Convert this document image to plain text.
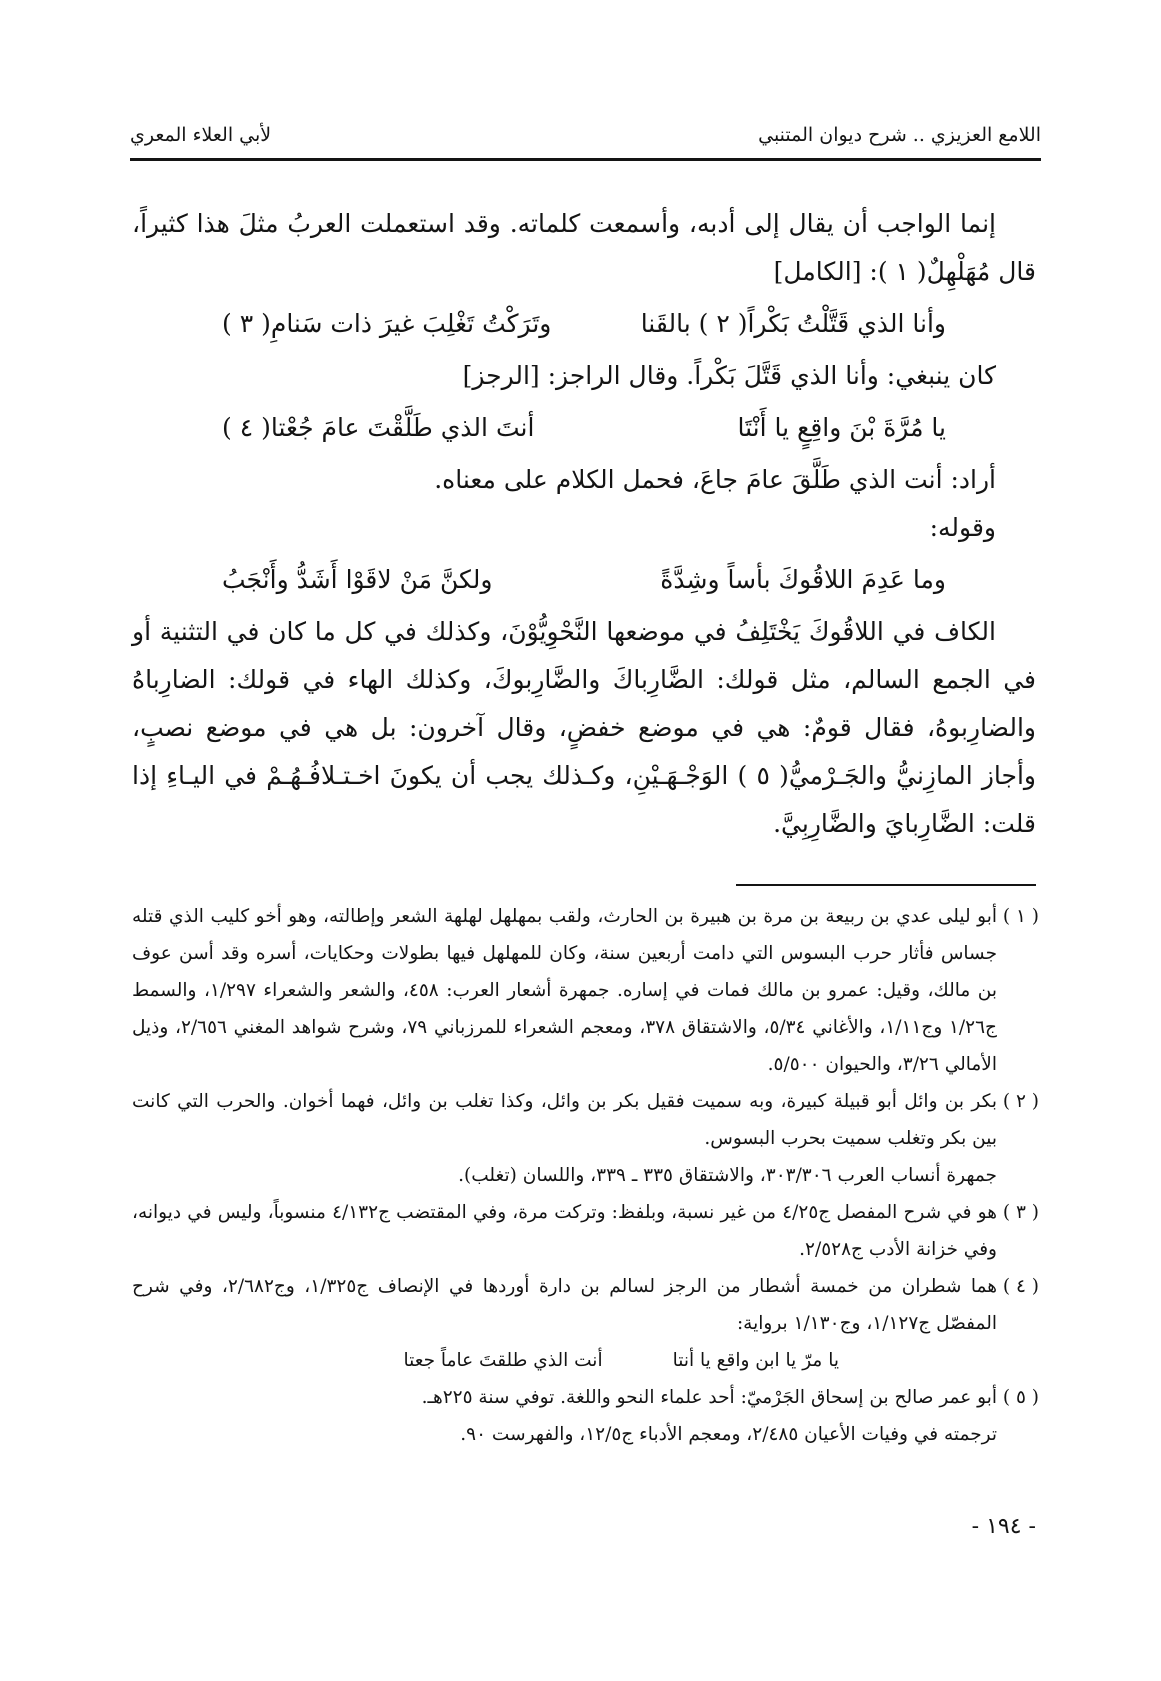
اللامع العزيزي .. شرح ديوان المتنبي
لأبي العلاء المعري

إنما الواجب أن يقال إلى أدبه، وأسمعت كلماته. وقد استعملت العربُ مثلَ هذا كثيراً، قال مُهَلْهِلٌ( ١ ): [الكامل]

وأنا الذي قَتَّلْتُ بَكْراً( ٢ ) بالقَنا
وتَرَكْتُ تَغْلِبَ غيرَ ذات سَنامِ( ٣ )

كان ينبغي: وأنا الذي قَتَّلَ بَكْراً. وقال الراجز: [الرجز]

يا مُرَّةَ بْنَ واقِعٍ يا أَنْتَا
أنتَ الذي طَلَّقْتَ عامَ جُعْتا( ٤ )

أراد: أنت الذي طَلَّقَ عامَ جاعَ، فحمل الكلام على معناه.

وقوله:

وما عَدِمَ اللاقُوكَ بأساً وشِدَّةً
ولكنَّ مَنْ لاقَوْا أَشَدُّ وأَنْجَبُ

الكاف في اللاقُوكَ يَخْتَلِفُ في موضعها النَّحْوِيُّوْنَ، وكذلك في كل ما كان في التثنية أو في الجمع السالم، مثل قولك: الضَّارِباكَ والضَّارِبوكَ، وكذلك الهاء في قولك: الضارِباهُ والضارِبوهُ، فقال قومٌ: هي في موضع خفضٍ، وقال آخرون: بل هي في موضع نصبٍ، وأجاز المازِنيُّ والجَـرْميُّ( ٥ ) الوَجْـهَـيْنِ، وكـذلك يجب أن يكونَ اخـتـلافُـهُـمْ في اليـاءِ إذا قلت: الضَّارِبايَ والضَّارِبِيَّ.

( ١ )أبو ليلى عدي بن ربيعة بن مرة بن هبيرة بن الحارث، ولقب بمهلهل لهلهة الشعر وإطالته، وهو أخو كليب الذي قتله جساس فأثار حرب البسوس التي دامت أربعين سنة، وكان للمهلهل فيها بطولات وحكايات، أسره وقد أسن عوف بن مالك، وقيل: عمرو بن مالك فمات في إساره. جمهرة أشعار العرب: ٤٥٨، والشعر والشعراء ١/٢٩٧، والسمط ج١/٢٦ وج١/١١، والأغاني ٥/٣٤، والاشتقاق ٣٧٨، ومعجم الشعراء للمرزباني ٧٩، وشرح شواهد المغني ٢/٦٥٦، وذيل الأمالي ٣/٢٦، والحيوان ٥/٥٠٠.

( ٢ )بكر بن وائل أبو قبيلة كبيرة، وبه سميت فقيل بكر بن وائل، وكذا تغلب بن وائل، فهما أخوان. والحرب التي كانت بين بكر وتغلب سميت بحرب البسوس.

جمهرة أنساب العرب ٣٠٣/٣٠٦، والاشتقاق ٣٣٥ ـ ٣٣٩، واللسان (تغلب).

( ٣ )هو في شرح المفصل ج٤/٢٥ من غير نسبة، وبلفظ: وتركت مرة، وفي المقتضب ج٤/١٣٢ منسوباً، وليس في ديوانه، وفي خزانة الأدب ج٢/٥٢٨.

( ٤ )هما شطران من خمسة أشطار من الرجز لسالم بن دارة أوردها في الإنصاف ج١/٣٢٥، وج٢/٦٨٢، وفي شرح المفصّل ج١/١٢٧، وج١/١٣٠ برواية:

يا مرّ يا ابن واقع يا أنتا
أنت الذي طلقتَ عاماً جعتا

( ٥ )أبو عمر صالح بن إسحاق الجَرْميّ: أحد علماء النحو واللغة. توفي سنة ٢٢٥هـ.

ترجمته في وفيات الأعيان ٢/٤٨٥، ومعجم الأدباء ج١٢/٥، والفهرست ٩٠.

- ١٩٤ -
